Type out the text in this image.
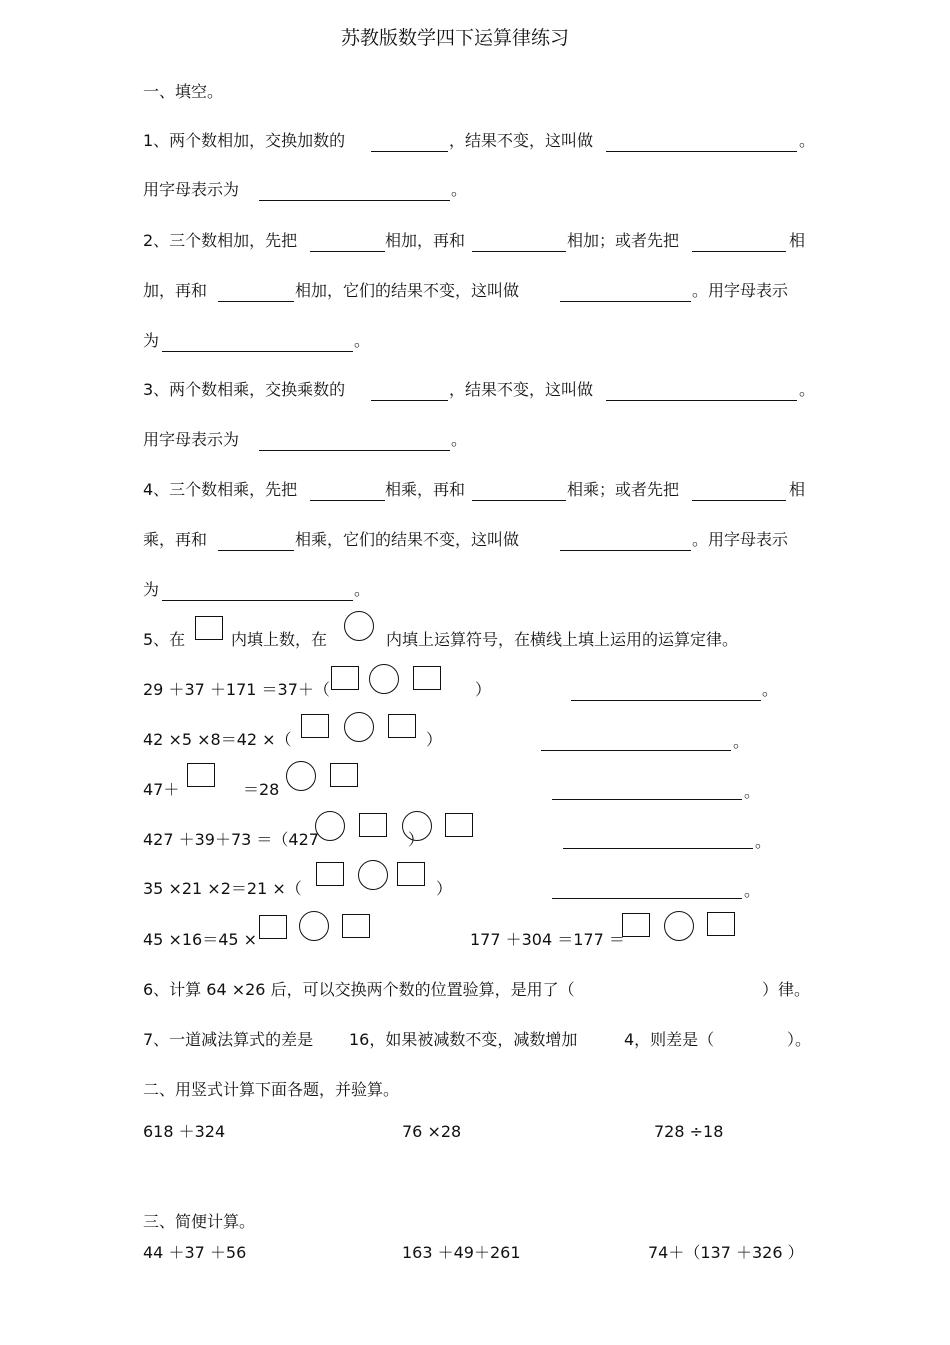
苏教版数学四下运算律练习
一、填空。
1、两个数相加，交换加数的	，结果不变，这叫做	。
用字母表示为	。
2、三个数相加，先把	相加，再和	相加；或者先把	相
加，再和	相加，它们的结果不变，这叫做	。用字母表示
为	。
3、两个数相乘，交换乘数的	，结果不变，这叫做	。
用字母表示为	。
4、三个数相乘，先把	相乘，再和	相乘；或者先把	相
乘，再和	相乘，它们的结果不变，这叫做	。用字母表示
为	。
5、在	内填上数，在	内填上运算符号，在横线上填上运用的运算定律。
29 ＋37 ＋171 ＝37＋（	）	。
42 ×5 ×8＝42 ×（	）	。
47＋	＝28	。
427 ＋39＋73 ＝（427	）	。
35 ×21 ×2＝21 ×（	）	。
45 ×16＝45 ×	177 ＋304 ＝177 ＝
6、计算 64 ×26 后，可以交换两个数的位置验算，是用了（	）律。
7、一道减法算式的差是 16，如果被减数不变，减数增加	4，则差是（	）。
二、用竖式计算下面各题，并验算。
618 ＋324	76 ×28	728 ÷18
三、简便计算。
44 ＋37 ＋56	163 ＋49＋261	74＋（137 ＋326 ）
